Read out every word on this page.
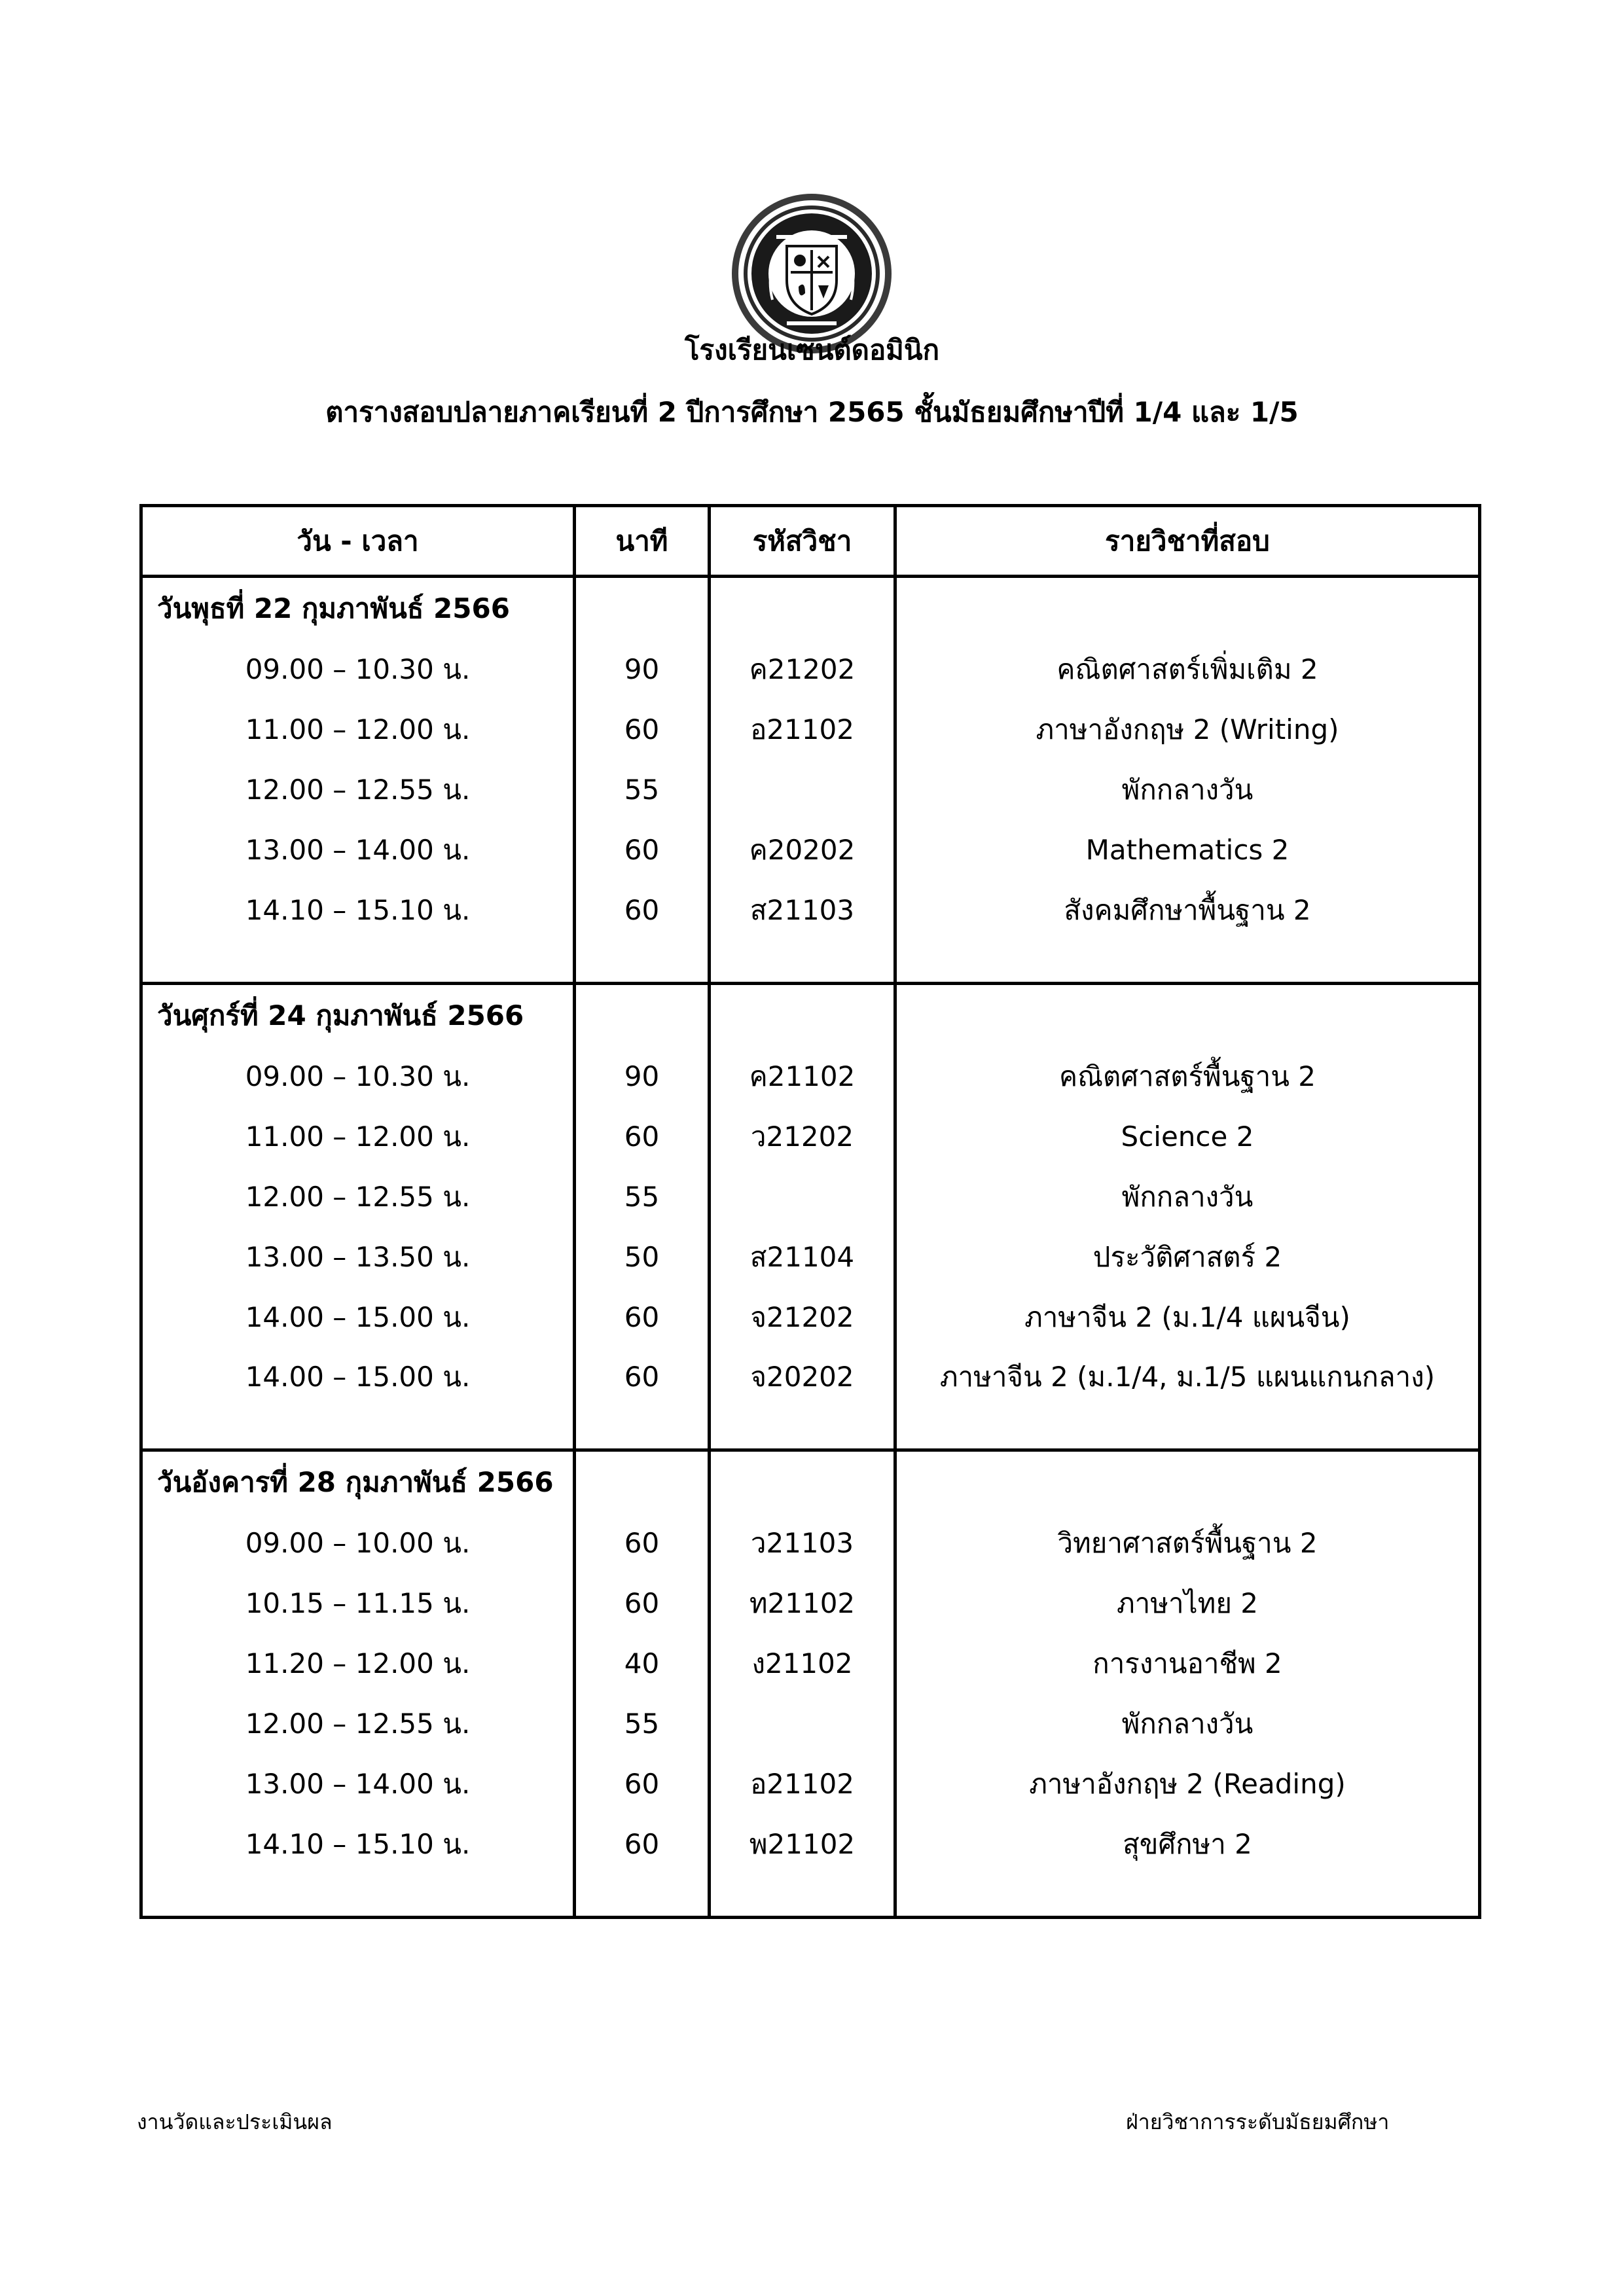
โรงเรียนเซนต์ดอมินิก
ตารางสอบปลายภาคเรียนที่ 2 ปีการศึกษา 2565 ชั้นมัธยมศึกษาปีที่ 1/4 และ 1/5
วัน - เวลา	นาที	รหัสวิชา	รายวิชาที่สอบ
วันพุธที่ 22 กุมภาพันธ์ 2566			
09.00 – 10.30 น.	90	ค21202	คณิตศาสตร์เพิ่มเติม 2
11.00 – 12.00 น.	60	อ21102	ภาษาอังกฤษ 2 (Writing)
12.00 – 12.55 น.	55		พักกลางวัน
13.00 – 14.00 น.	60	ค20202	Mathematics 2
14.10 – 15.10 น.	60	ส21103	สังคมศึกษาพื้นฐาน 2

วันศุกร์ที่ 24 กุมภาพันธ์ 2566			
09.00 – 10.30 น.	90	ค21102	คณิตศาสตร์พื้นฐาน 2
11.00 – 12.00 น.	60	ว21202	Science 2
12.00 – 12.55 น.	55		พักกลางวัน
13.00 – 13.50 น.	50	ส21104	ประวัติศาสตร์ 2
14.00 – 15.00 น.	60	จ21202	ภาษาจีน 2 (ม.1/4 แผนจีน)
14.00 – 15.00 น.	60	จ20202	ภาษาจีน 2 (ม.1/4, ม.1/5 แผนแกนกลาง)

วันอังคารที่ 28 กุมภาพันธ์ 2566			
09.00 – 10.00 น.	60	ว21103	วิทยาศาสตร์พื้นฐาน 2
10.15 – 11.15 น.	60	ท21102	ภาษาไทย 2
11.20 – 12.00 น.	40	ง21102	การงานอาชีพ 2
12.00 – 12.55 น.	55		พักกลางวัน
13.00 – 14.00 น.	60	อ21102	ภาษาอังกฤษ 2 (Reading)
14.10 – 15.10 น.	60	พ21102	สุขศึกษา 2

งานวัดและประเมินผล	ฝ่ายวิชาการระดับมัธยมศึกษา
